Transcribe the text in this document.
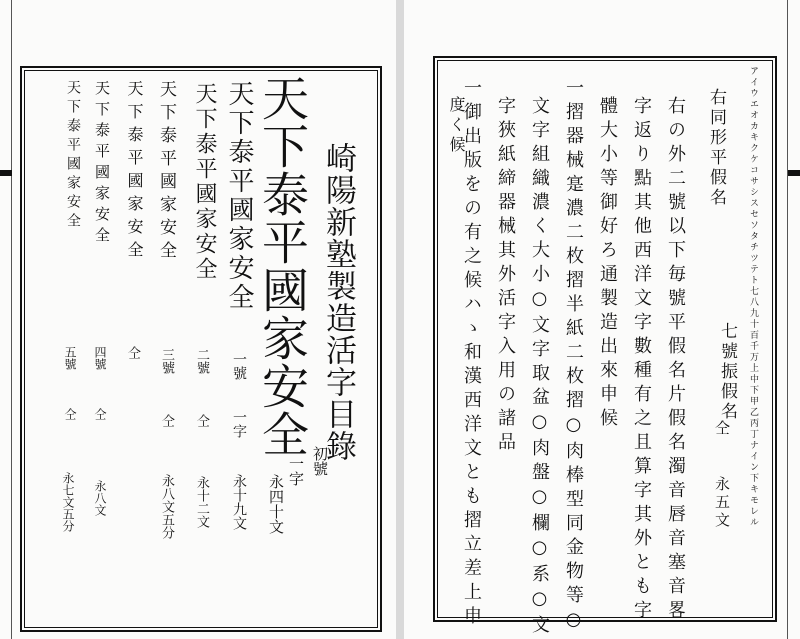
崎陽新塾製造活字目錄
天下泰平國家安全
初號
一字
永四十文
天下泰平國家安全
一號
一字
永十九文
天下泰平國家安全
二號
仝
永十二文
天下泰平國家安全
三號
仝
永八文五分
天下泰平國家安全
仝
天下泰平國家安全
四號
仝
永八文
天下泰平國家安全
五號
仝
永七文五分	アイウエオカキクケコサシスセソタチツテト七八九十百千万上中下甲乙丙丁ナイン下キモレル
七號振假名
仝
永五文
右同形平假名
右の外二號以下毎號平假名片假名濁音唇音塞音畧
字返り點其他西洋文字數種有之且算字其外とも字
體大小等御好ろ通製造出來申候
一摺器械寔濃二枚摺半紙二枚摺○肉棒型同金物等○
文字組織濃く大小○文字取盆○肉盤○欄○系○文
字狹紙締器械其外活字入用の諸品
一御出版をの有之候ハゝ和漢西洋文とも摺立差上申
度く候
